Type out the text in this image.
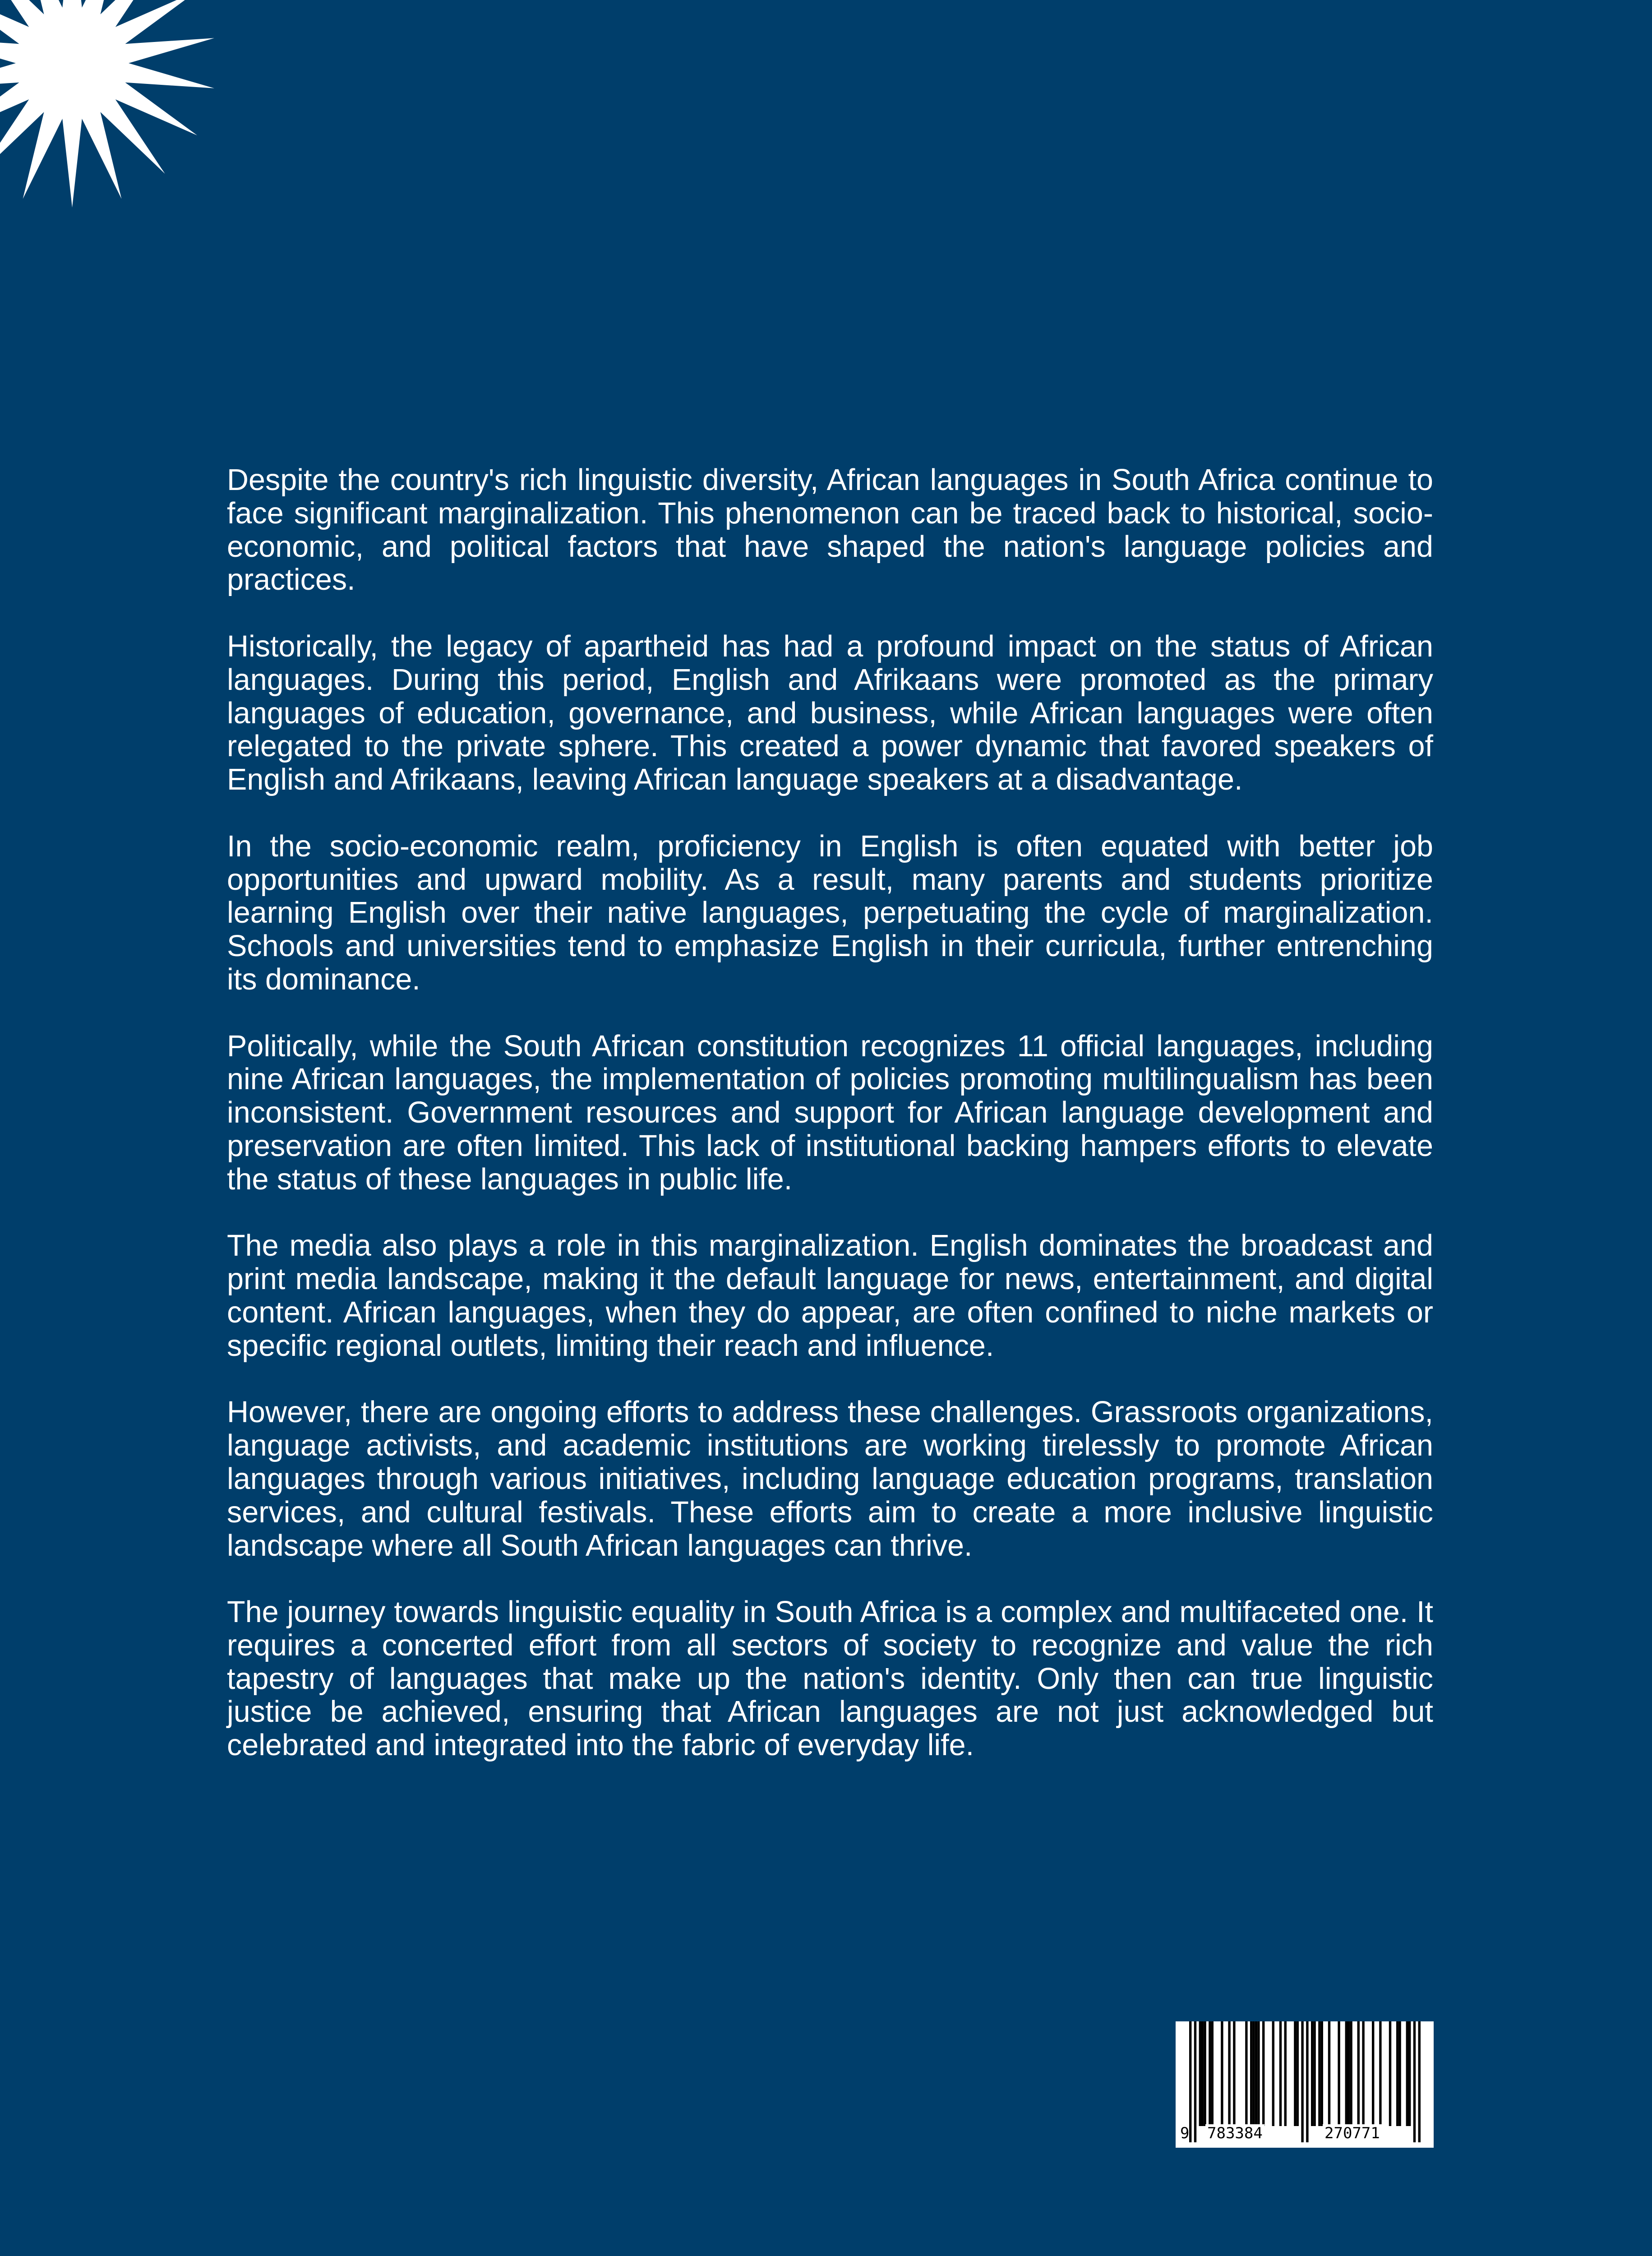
Despite the country's rich linguistic diversity, African languages in South Africa continue to face significant marginalization. This phenomenon can be traced back to historical, socio-economic, and political factors that have shaped the nation's language policies and practices.

Historically, the legacy of apartheid has had a profound impact on the status of African languages. During this period, English and Afrikaans were promoted as the primary languages of education, governance, and business, while African languages were often relegated to the private sphere. This created a power dynamic that favored speakers of English and Afrikaans, leaving African language speakers at a disadvantage.

In the socio-economic realm, proficiency in English is often equated with better job opportunities and upward mobility. As a result, many parents and students prioritize learning English over their native languages, perpetuating the cycle of marginalization. Schools and universities tend to emphasize English in their curricula, further entrenching its dominance.

Politically, while the South African constitution recognizes 11 official languages, including nine African languages, the implementation of policies promoting multilingualism has been inconsistent. Government resources and support for African language development and preservation are often limited. This lack of institutional backing hampers efforts to elevate the status of these languages in public life.

The media also plays a role in this marginalization. English dominates the broadcast and print media landscape, making it the default language for news, entertainment, and digital content. African languages, when they do appear, are often confined to niche markets or specific regional outlets, limiting their reach and influence.

However, there are ongoing efforts to address these challenges. Grassroots organizations, language activists, and academic institutions are working tirelessly to promote African languages through various initiatives, including language education programs, translation services, and cultural festivals. These efforts aim to create a more inclusive linguistic landscape where all South African languages can thrive.

The journey towards linguistic equality in South Africa is a complex and multifaceted one. It requires a concerted effort from all sectors of society to recognize and value the rich tapestry of languages that make up the nation's identity. Only then can true linguistic justice be achieved, ensuring that African languages are not just acknowledged but celebrated and integrated into the fabric of everyday life.

9 783384	270771
